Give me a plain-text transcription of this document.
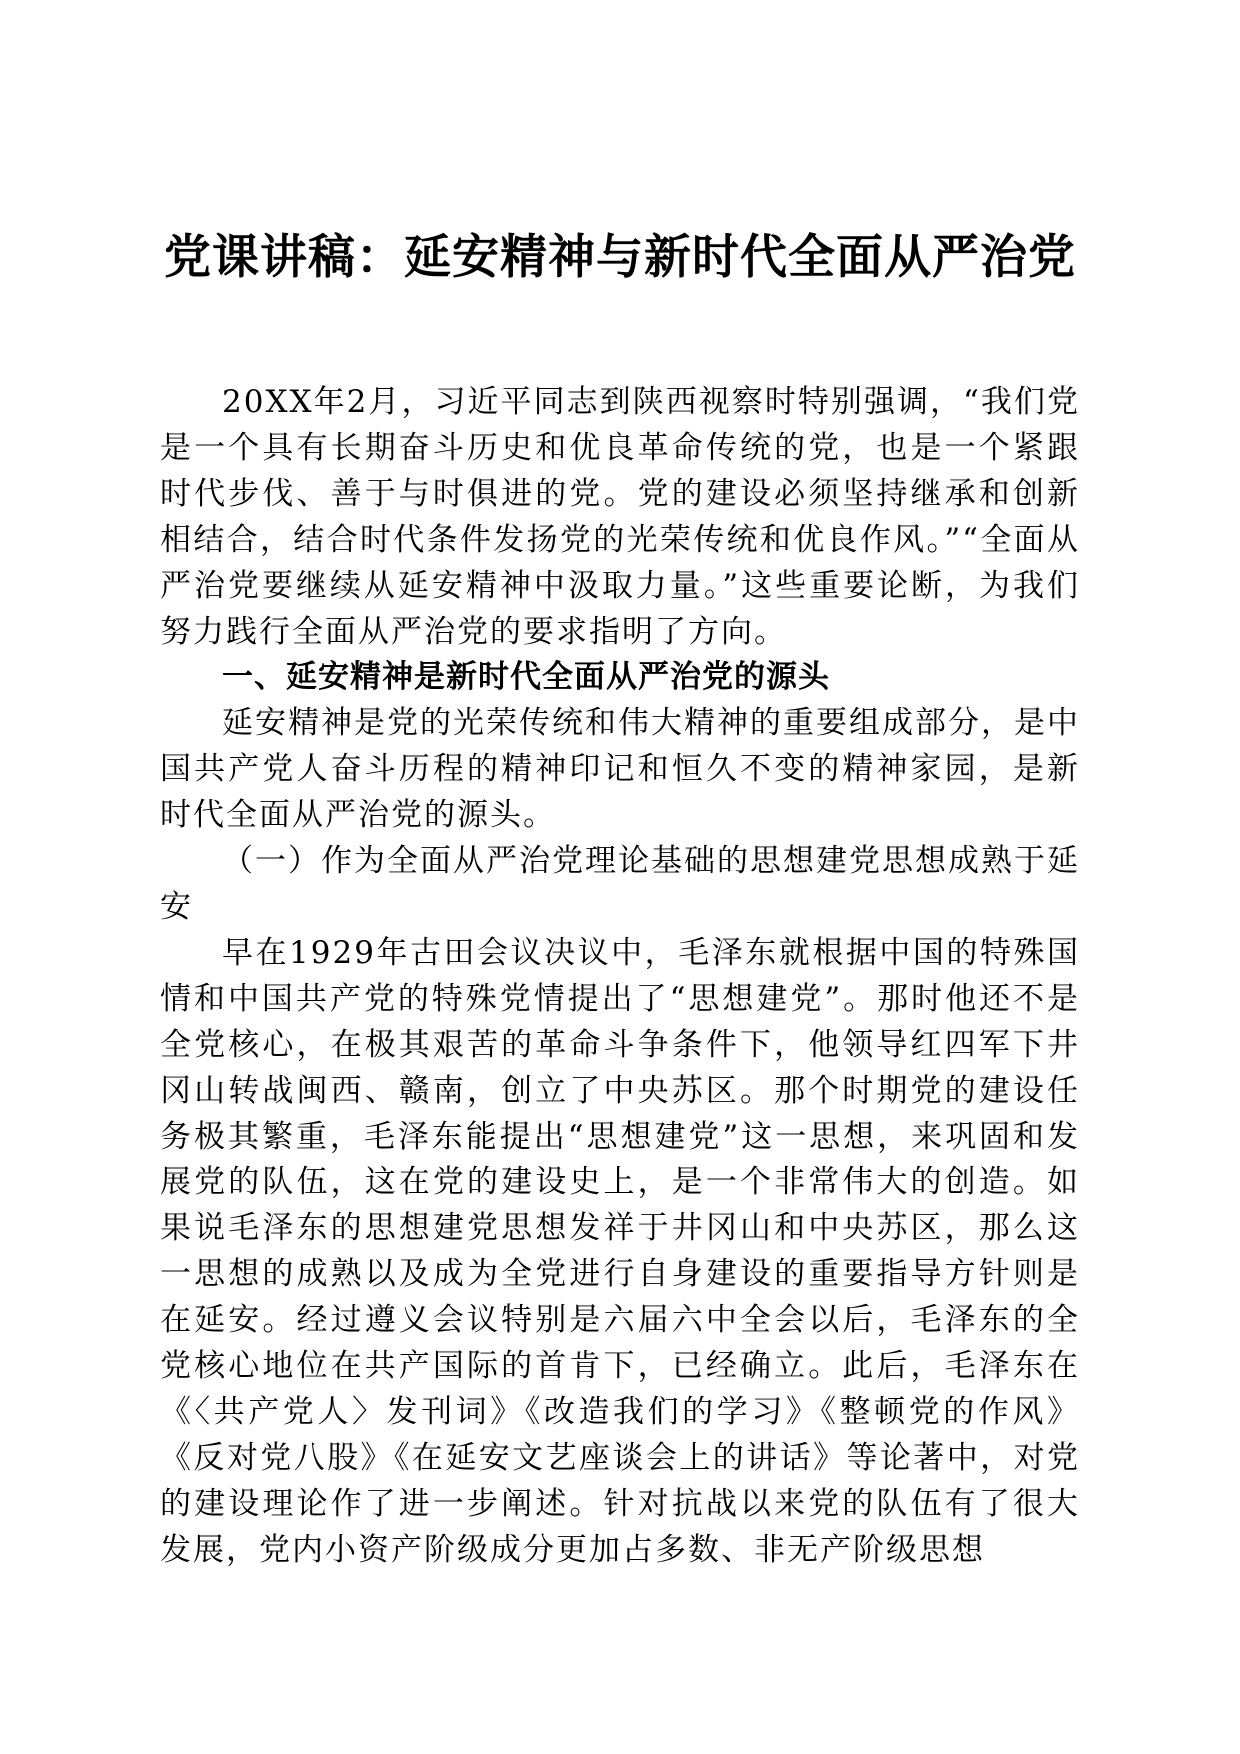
党课讲稿：延安精神与新时代全面从严治党

20XX年2月，习近平同志到陕西视察时特别强调，“我们党是一个具有长期奋斗历史和优良革命传统的党，也是一个紧跟时代步伐、善于与时俱进的党。党的建设必须坚持继承和创新相结合，结合时代条件发扬党的光荣传统和优良作风。”“全面从严治党要继续从延安精神中汲取力量。”这些重要论断，为我们努力践行全面从严治党的要求指明了方向。

一、延安精神是新时代全面从严治党的源头

延安精神是党的光荣传统和伟大精神的重要组成部分，是中国共产党人奋斗历程的精神印记和恒久不变的精神家园，是新时代全面从严治党的源头。

（一）作为全面从严治党理论基础的思想建党思想成熟于延安

早在1929年古田会议决议中，毛泽东就根据中国的特殊国情和中国共产党的特殊党情提出了“思想建党”。那时他还不是全党核心，在极其艰苦的革命斗争条件下，他领导红四军下井冈山转战闽西、赣南，创立了中央苏区。那个时期党的建设任务极其繁重，毛泽东能提出“思想建党”这一思想，来巩固和发展党的队伍，这在党的建设史上，是一个非常伟大的创造。如果说毛泽东的思想建党思想发祥于井冈山和中央苏区，那么这一思想的成熟以及成为全党进行自身建设的重要指导方针则是在延安。经过遵义会议特别是六届六中全会以后，毛泽东的全党核心地位在共产国际的首肯下，已经确立。此后，毛泽东在《〈共产党人〉发刊词》《改造我们的学习》《整顿党的作风》《反对党八股》《在延安文艺座谈会上的讲话》等论著中，对党的建设理论作了进一步阐述。针对抗战以来党的队伍有了很大发展，党内小资产阶级成分更加占多数、非无产阶级思想
